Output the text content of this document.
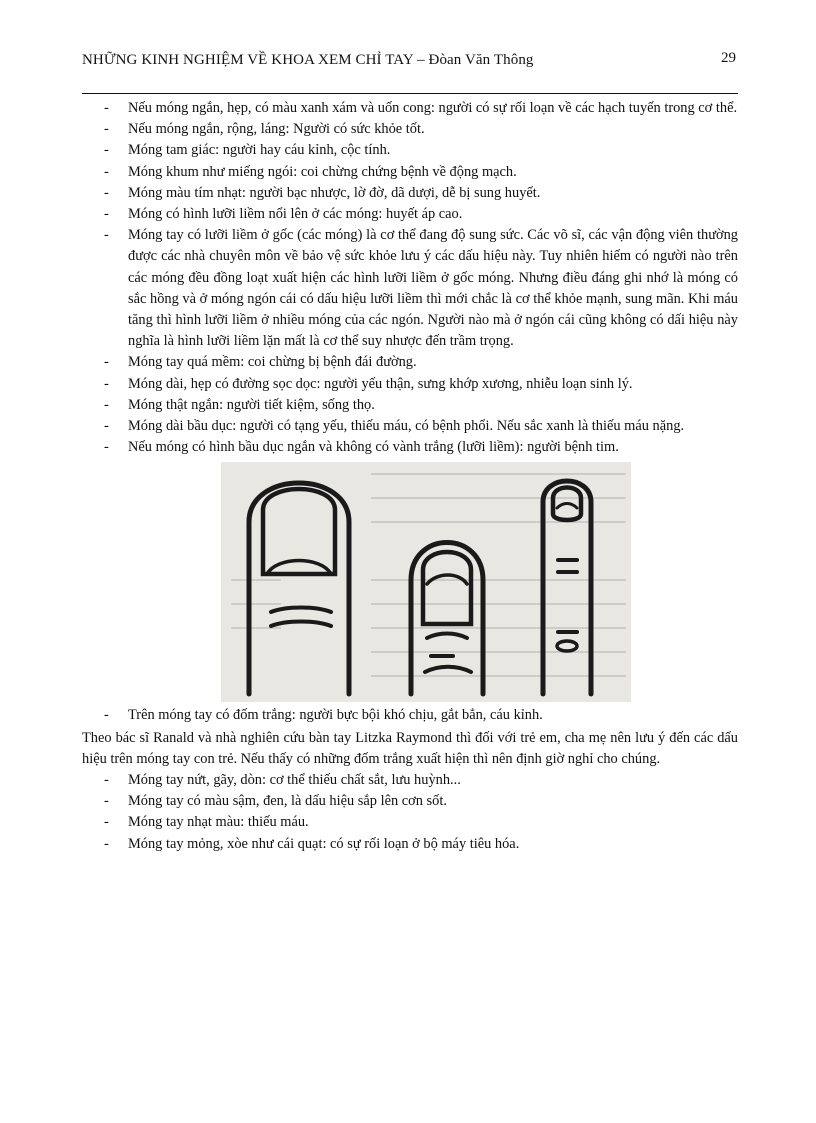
NHỮNG KINH NGHIỆM VỀ KHOA XEM CHỈ TAY – Đòan Văn Thông	29
- Nếu móng ngắn, hẹp, có màu xanh xám và uốn cong: người có sự rối loạn về các hạch tuyến trong cơ thể.
- Nếu móng ngắn, rộng, láng: Người có sức khỏe tốt.
- Móng tam giác: người hay cáu kỉnh, cộc tính.
- Móng khum như miếng ngói: coi chừng chứng bệnh về động mạch.
- Móng màu tím nhạt: người bạc nhược, lờ đờ, dã dượi, dễ bị sung huyết.
- Móng có hình lưỡi liềm nổi lên ở các móng: huyết áp cao.
- Móng tay có lưỡi liềm ở gốc (các móng) là cơ thể đang độ sung sức. Các võ sĩ, các vận động viên thường được các nhà chuyên môn về bảo vệ sức khỏe lưu ý các dấu hiệu này. Tuy nhiên hiếm có người nào trên các móng đều đồng loạt xuất hiện các hình lưỡi liềm ở gốc móng. Nhưng điều đáng ghi nhớ là móng có sắc hồng và ở móng ngón cái có dấu hiệu lưỡi liềm thì mới chắc là cơ thể khỏe mạnh, sung mãn. Khi máu tăng thì hình lưỡi liềm ở nhiều móng của các ngón. Người nào mà ở ngón cái cũng không có dấi hiệu này nghĩa là hình lưỡi liềm lặn mất là cơ thể suy nhược đến trầm trọng.
- Móng tay quá mềm: coi chừng bị bệnh đái đường.
- Móng dài, hẹp có đường sọc dọc: người yếu thận, sưng khớp xương, nhiễu loạn sinh lý.
- Móng thật ngắn: người tiết kiệm, sống thọ.
- Móng dài bầu dục: người có tạng yếu, thiếu máu, có bệnh phổi. Nếu sắc xanh là thiếu máu nặng.
- Nếu móng có hình bầu dục ngắn và không có vành trắng (lưỡi liềm): người bệnh tim.
- Trên móng tay có đốm trắng: người bực bội khó chịu, gắt bẳn, cáu kỉnh.
Theo bác sĩ Ranald và nhà nghiên cứu bàn tay Litzka Raymond thì đối với trẻ em, cha mẹ nên lưu ý đến các dấu hiệu trên móng tay con trẻ. Nếu thấy có những đốm trắng xuất hiện thì nên định giờ nghỉ cho chúng.
- Móng tay nứt, gãy, dòn: cơ thể thiếu chất sắt, lưu huỳnh...
- Móng tay có màu sậm, đen, là dấu hiệu sắp lên cơn sốt.
- Móng tay nhạt màu: thiếu máu.
- Móng tay mỏng, xòe như cái quạt: có sự rối loạn ở bộ máy tiêu hóa.
